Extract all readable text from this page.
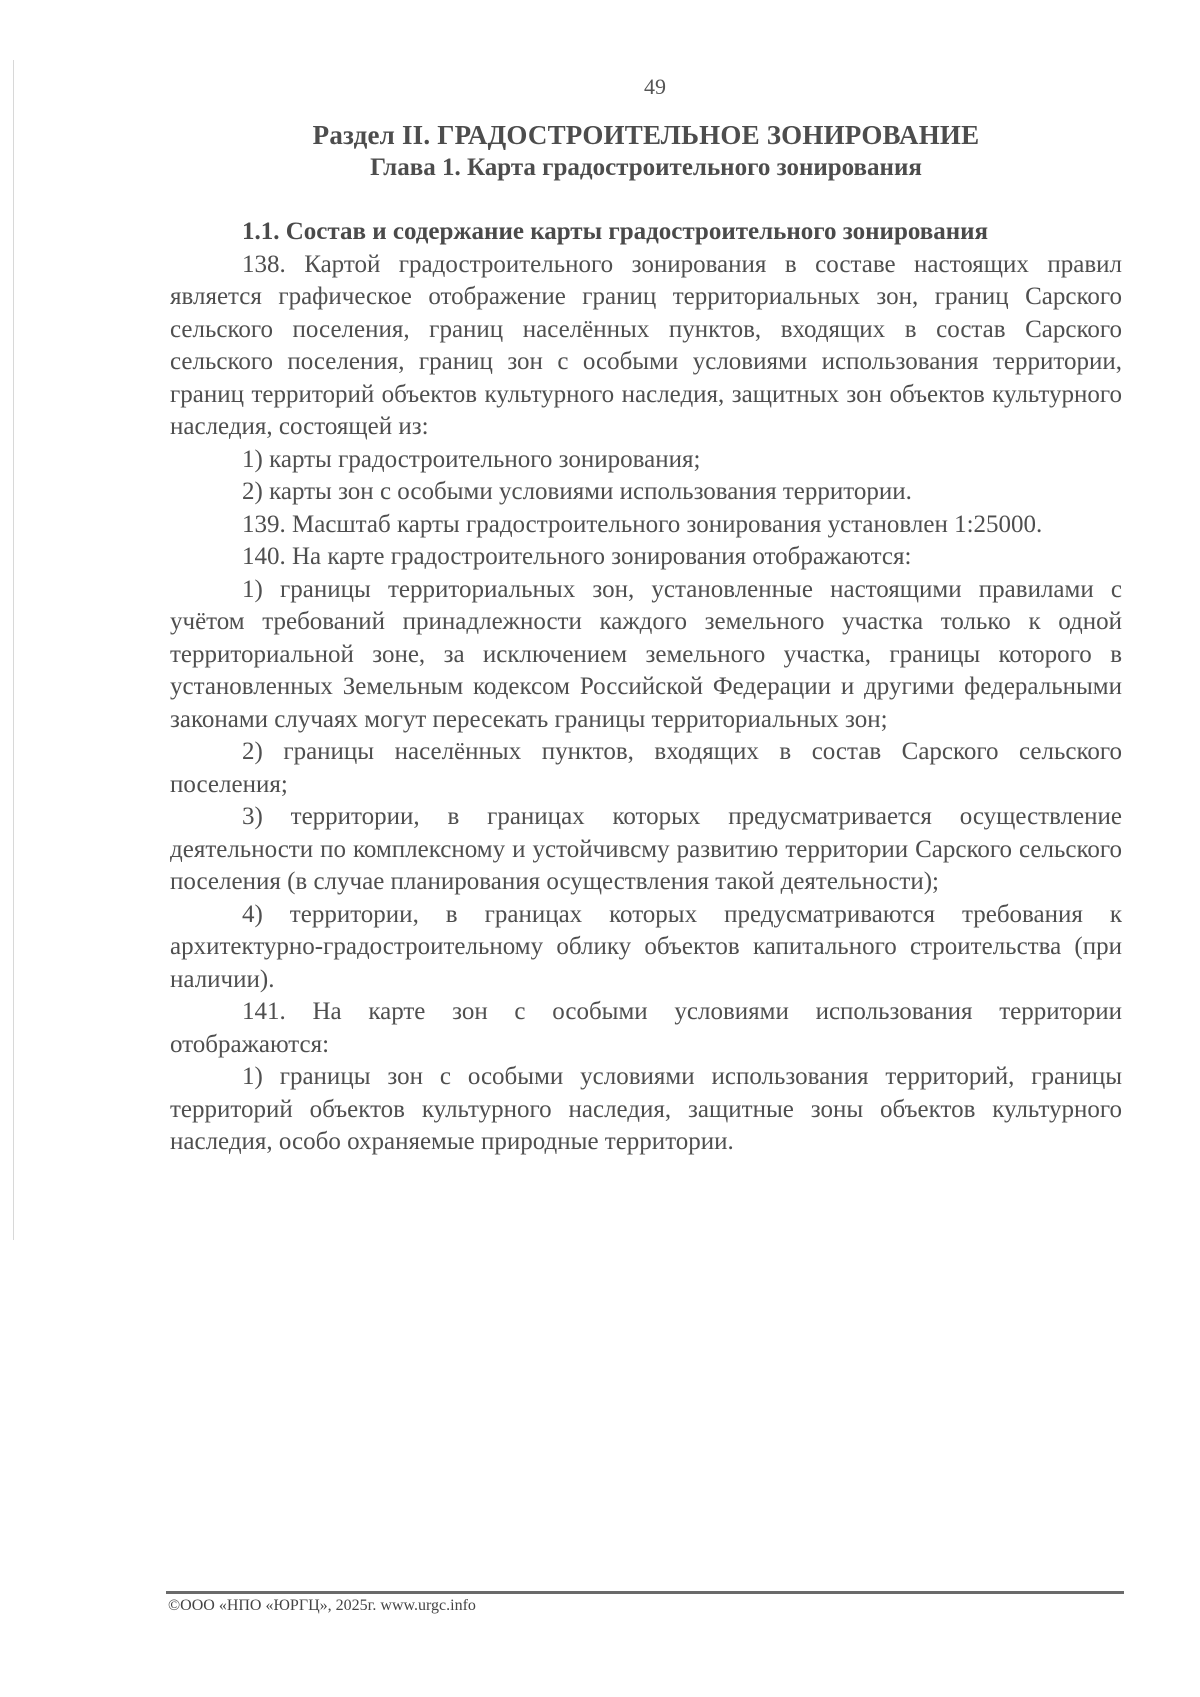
49
Раздел II. ГРАДОСТРОИТЕЛЬНОЕ ЗОНИРОВАНИЕ
Глава 1. Карта градостроительного зонирования

1.1. Состав и содержание карты градостроительного зонирования

138. Картой градостроительного зонирования в составе настоящих правил является графическое отображение границ территориальных зон, границ Сарского сельского поселения, границ населённых пунктов, входящих в состав Сарского сельского поселения, границ зон с особыми условиями использования территории, границ территорий объектов культурного наследия, защитных зон объектов культурного наследия, состоящей из:

1) карты градостроительного зонирования;

2) карты зон с особыми условиями использования территории.

139. Масштаб карты градостроительного зонирования установлен 1:25000.

140. На карте градостроительного зонирования отображаются:

1) границы территориальных зон, установленные настоящими правилами с учётом требований принадлежности каждого земельного участка только к одной территориальной зоне, за исключением земельного участка, границы которого в установленных Земельным кодексом Российской Федерации и другими федеральными законами случаях могут пересекать границы территориальных зон;

2) границы населённых пунктов, входящих в состав Сарского сельского поселения;

3) территории, в границах которых предусматривается осуществление деятельности по комплексному и устойчивсму развитию территории Сарского сельского поселения (в случае планирования осуществления такой деятельности);

4) территории, в границах которых предусматриваются требования к архитектурно-градостроительному облику объектов капитального строительства (при наличии).

141. На карте зон с особыми условиями использования территории отображаются:

1) границы зон с особыми условиями использования территорий, границы территорий объектов культурного наследия, защитные зоны объектов культурного наследия, особо охраняемые природные территории.

©ООО «НПО «ЮРГЦ», 2025г. www.urgc.info
